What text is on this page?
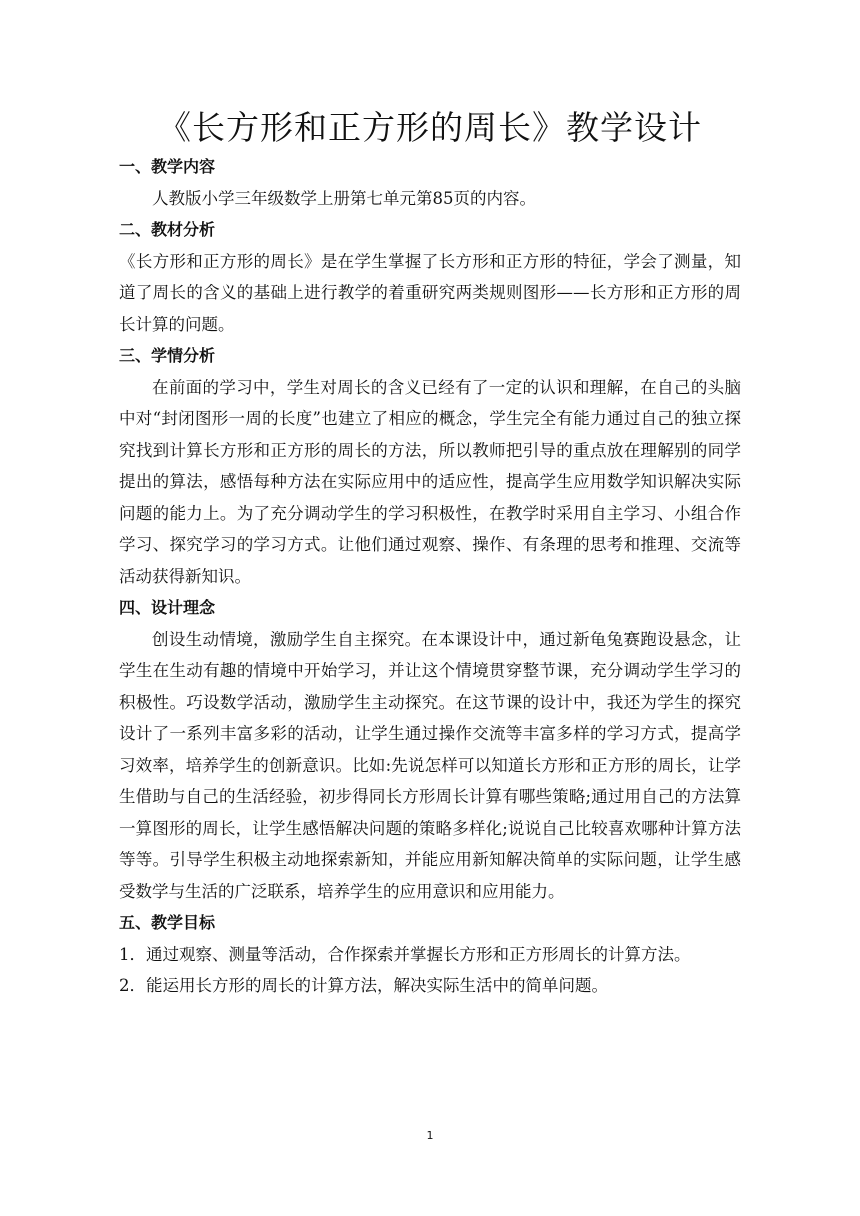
《长方形和正方形的周长》教学设计
一、教学内容

人教版小学三年级数学上册第七单元第85页的内容。

二、教材分析

《长方形和正方形的周长》是在学生掌握了长方形和正方形的特征，学会了测量，知道了周长的含义的基础上进行教学的着重研究两类规则图形——长方形和正方形的周长计算的问题。

三、学情分析

在前面的学习中，学生对周长的含义已经有了一定的认识和理解，在自己的头脑中对“封闭图形一周的长度”也建立了相应的概念，学生完全有能力通过自己的独立探究找到计算长方形和正方形的周长的方法，所以教师把引导的重点放在理解别的同学提出的算法，感悟每种方法在实际应用中的适应性，提高学生应用数学知识解决实际问题的能力上。为了充分调动学生的学习积极性，在教学时采用自主学习、小组合作学习、探究学习的学习方式。让他们通过观察、操作、有条理的思考和推理、交流等活动获得新知识。

四、设计理念

创设生动情境，激励学生自主探究。在本课设计中，通过新龟兔赛跑设悬念，让学生在生动有趣的情境中开始学习，并让这个情境贯穿整节课，充分调动学生学习的积极性。巧设数学活动，激励学生主动探究。在这节课的设计中，我还为学生的探究设计了一系列丰富多彩的活动，让学生通过操作交流等丰富多样的学习方式，提高学习效率，培养学生的创新意识。比如:先说怎样可以知道长方形和正方形的周长，让学生借助与自己的生活经验，初步得同长方形周长计算有哪些策略;通过用自己的方法算一算图形的周长，让学生感悟解决问题的策略多样化;说说自己比较喜欢哪种计算方法等等。引导学生积极主动地探索新知，并能应用新知解决简单的实际问题，让学生感受数学与生活的广泛联系，培养学生的应用意识和应用能力。

五、教学目标

1．通过观察、测量等活动，合作探索并掌握长方形和正方形周长的计算方法。

2．能运用长方形的周长的计算方法，解决实际生活中的简单问题。

1
